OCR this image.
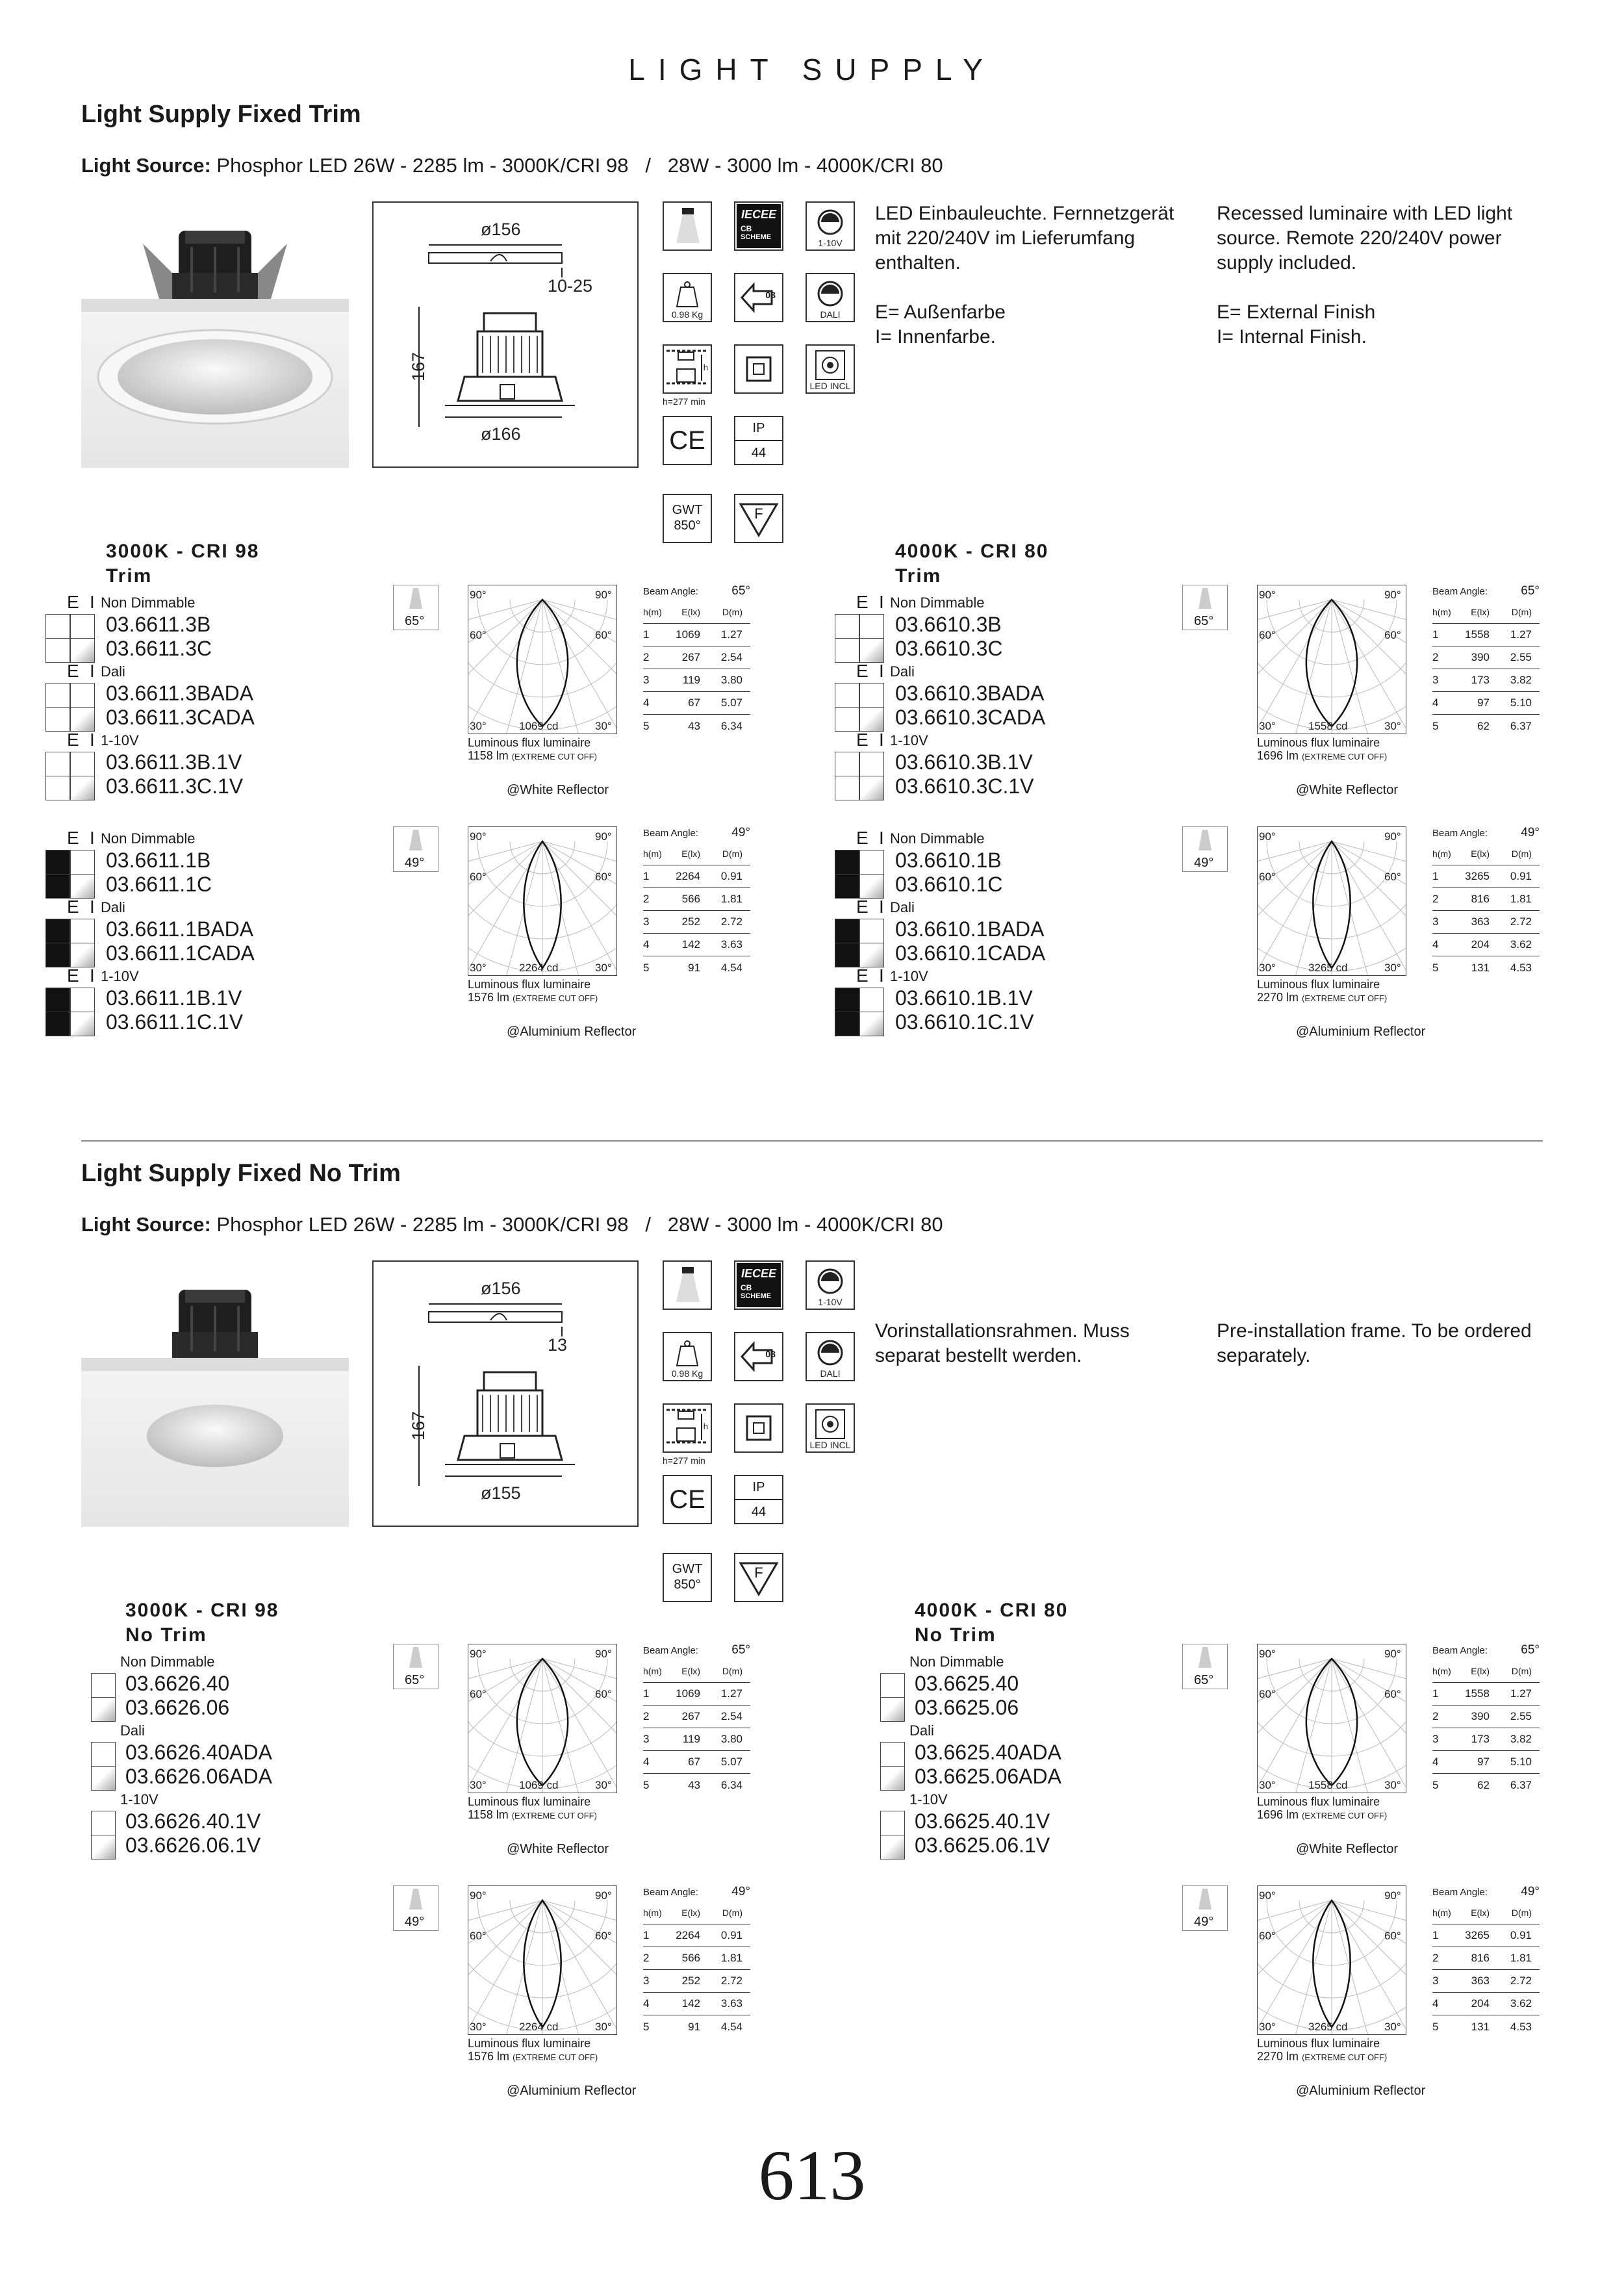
LIGHT SUPPLY
Light Supply Fixed Trim
Light Source: Phosphor LED 26W - 2285 lm - 3000K/CRI 98   /   28W - 3000 lm - 4000K/CRI 80
ø156
10-25
167
ø166
IECEE
CB
SCHEME
1-10V
0.98 Kg
03
DALI
h
h=277 min
LED INCL
CE	IP
44
GWT
850°
F
LED Einbauleuchte. Fernnetzgerät
mit 220/240V im Lieferumfang
enthalten.

E= Außenfarbe
I= Innenfarbe.
Recessed luminaire with LED light
source. Remote 220/240V power
supply included.

E= External Finish
I= Internal Finish.
3000K - CRI 98
Trim
E I Non Dimmable
03.6611.3B
03.6611.3C
E I Dali
03.6611.3BADA
03.6611.3CADA
E I 1-10V
03.6611.3B.1V
03.6611.3C.1V
E I Non Dimmable
03.6611.1B
03.6611.1C
E I Dali
03.6611.1BADA
03.6611.1CADA
E I 1-10V
03.6611.1B.1V
03.6611.1C.1V
65°
90°	90°
60°	60°
30°	30°
1069 cd
Luminous flux luminaire
1158 lm (EXTREME CUT OFF)
@White Reflector
Beam Angle:	65°
h(m)	E(lx)	D(m)
1	1069	1.27
2	267	2.54
3	119	3.80
4	67	5.07
5	43	6.34
49°
90°	90°
60°	60°
30°	30°
2264 cd
Luminous flux luminaire
1576 lm (EXTREME CUT OFF)
@Aluminium Reflector
Beam Angle:	49°
h(m)	E(lx)	D(m)
1	2264	0.91
2	566	1.81
3	252	2.72
4	142	3.63
5	91	4.54
4000K - CRI 80
Trim
E I Non Dimmable
03.6610.3B
03.6610.3C
E I Dali
03.6610.3BADA
03.6610.3CADA
E I 1-10V
03.6610.3B.1V
03.6610.3C.1V
E I Non Dimmable
03.6610.1B
03.6610.1C
E I Dali
03.6610.1BADA
03.6610.1CADA
E I 1-10V
03.6610.1B.1V
03.6610.1C.1V
65°
90°	90°
60°	60°
30°	30°
1558 cd
Luminous flux luminaire
1696 lm (EXTREME CUT OFF)
@White Reflector
Beam Angle:	65°
h(m)	E(lx)	D(m)
1	1558	1.27
2	390	2.55
3	173	3.82
4	97	5.10
5	62	6.37
49°
90°	90°
60°	60°
30°	30°
3265 cd
Luminous flux luminaire
2270 lm (EXTREME CUT OFF)
@Aluminium Reflector
Beam Angle:	49°
h(m)	E(lx)	D(m)
1	3265	0.91
2	816	1.81
3	363	2.72
4	204	3.62
5	131	4.53
Light Supply Fixed No Trim
Light Source: Phosphor LED 26W - 2285 lm - 3000K/CRI 98   /   28W - 3000 lm - 4000K/CRI 80
ø156
13
167
ø155
IECEE
CB
SCHEME
1-10V
0.98 Kg
03
DALI
h
h=277 min
LED INCL
CE	IP
44
GWT
850°
F
Vorinstallationsrahmen. Muss
separat bestellt werden.
Pre-installation frame. To be ordered
separately.
3000K - CRI 98
No Trim
Non Dimmable
03.6626.40
03.6626.06
Dali
03.6626.40ADA
03.6626.06ADA
1-10V
03.6626.40.1V
03.6626.06.1V
65°
90°	90°
60°	60°
30°	30°
1069 cd
Luminous flux luminaire
1158 lm (EXTREME CUT OFF)
@White Reflector
Beam Angle:	65°
h(m)	E(lx)	D(m)
1	1069	1.27
2	267	2.54
3	119	3.80
4	67	5.07
5	43	6.34
49°
90°	90°
60°	60°
30°	30°
2264 cd
Luminous flux luminaire
1576 lm (EXTREME CUT OFF)
@Aluminium Reflector
Beam Angle:	49°
h(m)	E(lx)	D(m)
1	2264	0.91
2	566	1.81
3	252	2.72
4	142	3.63
5	91	4.54
4000K - CRI 80
No Trim
Non Dimmable
03.6625.40
03.6625.06
Dali
03.6625.40ADA
03.6625.06ADA
1-10V
03.6625.40.1V
03.6625.06.1V
65°
90°	90°
60°	60°
30°	30°
1558 cd
Luminous flux luminaire
1696 lm (EXTREME CUT OFF)
@White Reflector
Beam Angle:	65°
h(m)	E(lx)	D(m)
1	1558	1.27
2	390	2.55
3	173	3.82
4	97	5.10
5	62	6.37
49°
90°	90°
60°	60°
30°	30°
3265 cd
Luminous flux luminaire
2270 lm (EXTREME CUT OFF)
@Aluminium Reflector
Beam Angle:	49°
h(m)	E(lx)	D(m)
1	3265	0.91
2	816	1.81
3	363	2.72
4	204	3.62
5	131	4.53
613
